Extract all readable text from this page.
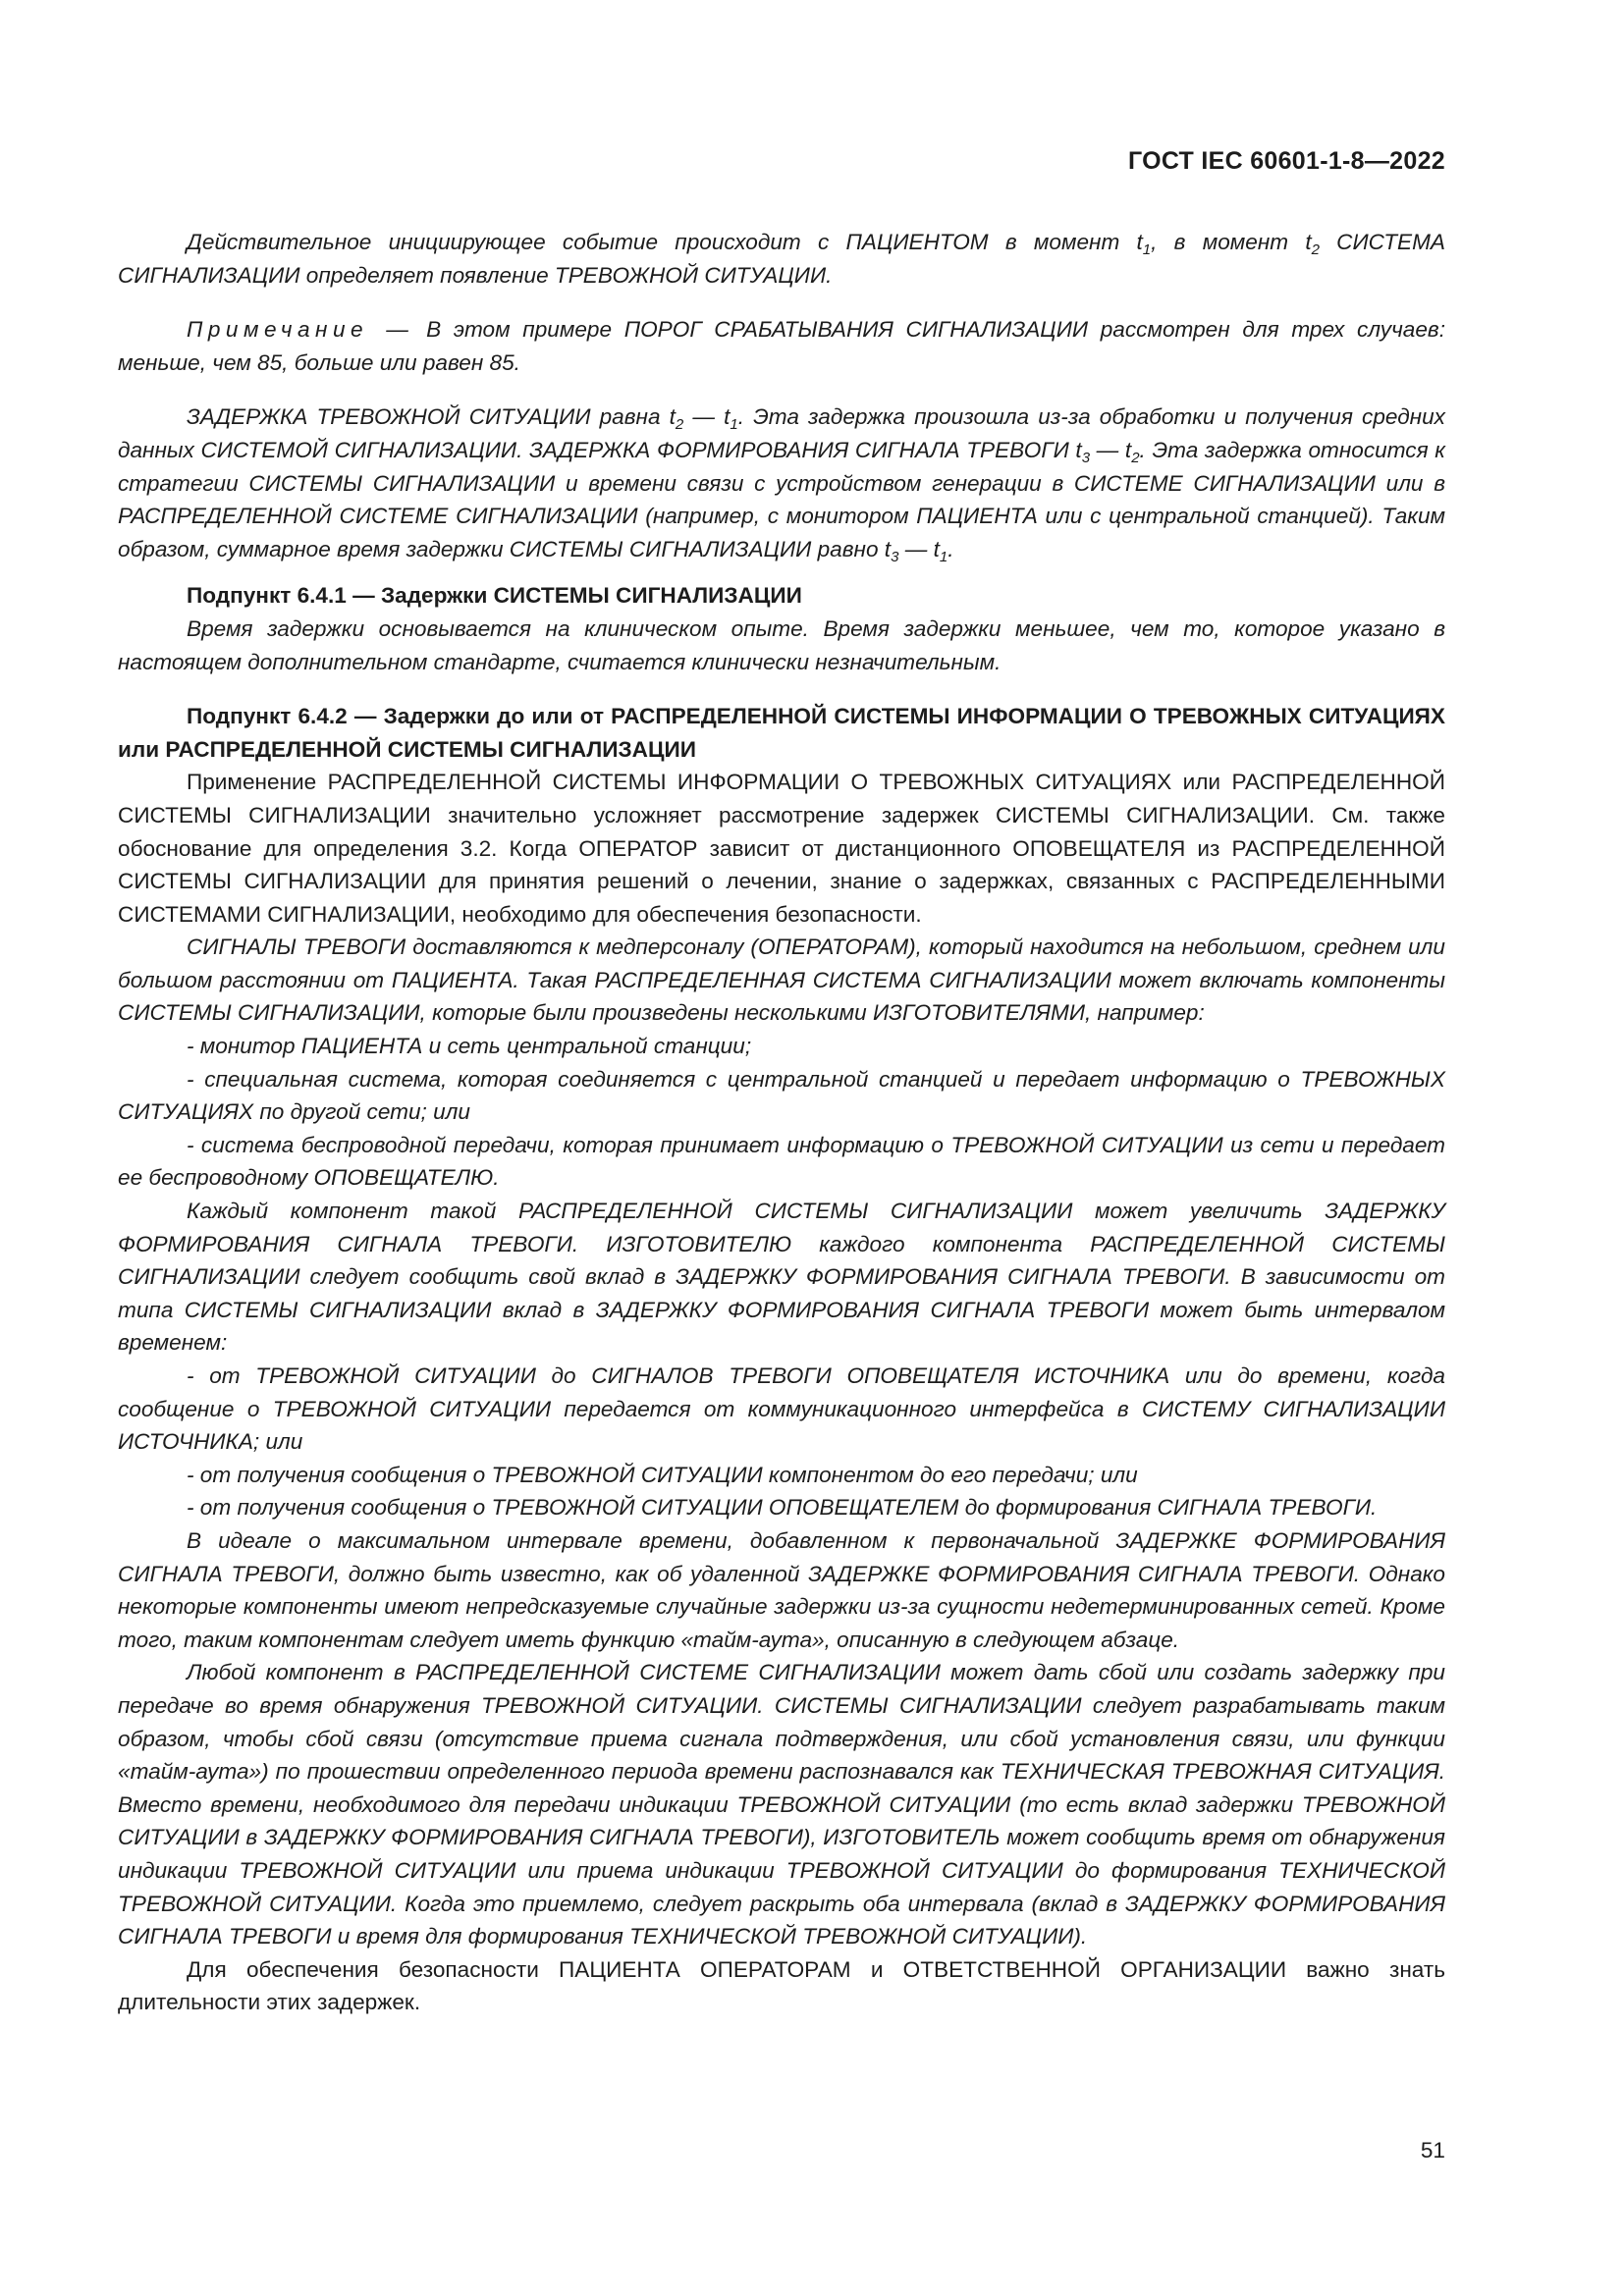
ГОСТ IEC 60601-1-8—2022

Действительное инициирующее событие происходит с ПАЦИЕНТОМ в момент $t_1$, в момент $t_2$ СИСТЕМА СИГНАЛИЗАЦИИ определяет появление ТРЕВОЖНОЙ СИТУАЦИИ.

Примечание — В этом примере ПОРОГ СРАБАТЫВАНИЯ СИГНАЛИЗАЦИИ рассмотрен для трех случаев: меньше, чем 85, больше или равен 85.

ЗАДЕРЖКА ТРЕВОЖНОЙ СИТУАЦИИ равна $t_2$ — $t_1$. Эта задержка произошла из-за обработки и получения средних данных СИСТЕМОЙ СИГНАЛИЗАЦИИ. ЗАДЕРЖКА ФОРМИРОВАНИЯ СИГНАЛА ТРЕВОГИ $t_3$ — $t_2$. Эта задержка относится к стратегии СИСТЕМЫ СИГНАЛИЗАЦИИ и времени связи с устройством генерации в СИСТЕМЕ СИГНАЛИЗАЦИИ или в РАСПРЕДЕЛЕННОЙ СИСТЕМЕ СИГНАЛИЗАЦИИ (например, с монитором ПАЦИЕНТА или с центральной станцией). Таким образом, суммарное время задержки СИСТЕМЫ СИГНАЛИЗАЦИИ равно $t_3$ — $t_1$.

Подпункт 6.4.1 — Задержки СИСТЕМЫ СИГНАЛИЗАЦИИ

Время задержки основывается на клиническом опыте. Время задержки меньшее, чем то, которое указано в настоящем дополнительном стандарте, считается клинически незначительным.

Подпункт 6.4.2 — Задержки до или от РАСПРЕДЕЛЕННОЙ СИСТЕМЫ ИНФОРМАЦИИ О ТРЕВОЖНЫХ СИТУАЦИЯХ или РАСПРЕДЕЛЕННОЙ СИСТЕМЫ СИГНАЛИЗАЦИИ

Применение РАСПРЕДЕЛЕННОЙ СИСТЕМЫ ИНФОРМАЦИИ О ТРЕВОЖНЫХ СИТУАЦИЯХ или РАСПРЕДЕЛЕННОЙ СИСТЕМЫ СИГНАЛИЗАЦИИ значительно усложняет рассмотрение задержек СИСТЕМЫ СИГНАЛИЗАЦИИ. См. также обоснование для определения 3.2. Когда ОПЕРАТОР зависит от дистанционного ОПОВЕЩАТЕЛЯ из РАСПРЕДЕЛЕННОЙ СИСТЕМЫ СИГНАЛИЗАЦИИ для принятия решений о лечении, знание о задержках, связанных с РАСПРЕДЕЛЕННЫМИ СИСТЕМАМИ СИГНАЛИЗАЦИИ, необходимо для обеспечения безопасности.

СИГНАЛЫ ТРЕВОГИ доставляются к медперсоналу (ОПЕРАТОРАМ), который находится на небольшом, среднем или большом расстоянии от ПАЦИЕНТА. Такая РАСПРЕДЕЛЕННАЯ СИСТЕМА СИГНАЛИЗАЦИИ может включать компоненты СИСТЕМЫ СИГНАЛИЗАЦИИ, которые были произведены несколькими ИЗГОТОВИТЕЛЯМИ, например:

- монитор ПАЦИЕНТА и сеть центральной станции;

- специальная система, которая соединяется с центральной станцией и передает информацию о ТРЕВОЖНЫХ СИТУАЦИЯХ по другой сети; или

- система беспроводной передачи, которая принимает информацию о ТРЕВОЖНОЙ СИТУАЦИИ из сети и передает ее беспроводному ОПОВЕЩАТЕЛЮ.

Каждый компонент такой РАСПРЕДЕЛЕННОЙ СИСТЕМЫ СИГНАЛИЗАЦИИ может увеличить ЗАДЕРЖКУ ФОРМИРОВАНИЯ СИГНАЛА ТРЕВОГИ. ИЗГОТОВИТЕЛЮ каждого компонента РАСПРЕДЕЛЕННОЙ СИСТЕМЫ СИГНАЛИЗАЦИИ следует сообщить свой вклад в ЗАДЕРЖКУ ФОРМИРОВАНИЯ СИГНАЛА ТРЕВОГИ. В зависимости от типа СИСТЕМЫ СИГНАЛИЗАЦИИ вклад в ЗАДЕРЖКУ ФОРМИРОВАНИЯ СИГНАЛА ТРЕВОГИ может быть интервалом временем:

- от ТРЕВОЖНОЙ СИТУАЦИИ до СИГНАЛОВ ТРЕВОГИ ОПОВЕЩАТЕЛЯ ИСТОЧНИКА или до времени, когда сообщение о ТРЕВОЖНОЙ СИТУАЦИИ передается от коммуникационного интерфейса в СИСТЕМУ СИГНАЛИЗАЦИИ ИСТОЧНИКА; или

- от получения сообщения о ТРЕВОЖНОЙ СИТУАЦИИ компонентом до его передачи; или

- от получения сообщения о ТРЕВОЖНОЙ СИТУАЦИИ ОПОВЕЩАТЕЛЕМ до формирования СИГНАЛА ТРЕВОГИ.

В идеале о максимальном интервале времени, добавленном к первоначальной ЗАДЕРЖКЕ ФОРМИРОВАНИЯ СИГНАЛА ТРЕВОГИ, должно быть известно, как об удаленной ЗАДЕРЖКЕ ФОРМИРОВАНИЯ СИГНАЛА ТРЕВОГИ. Однако некоторые компоненты имеют непредсказуемые случайные задержки из-за сущности недетерминированных сетей. Кроме того, таким компонентам следует иметь функцию «тайм-аута», описанную в следующем абзаце.

Любой компонент в РАСПРЕДЕЛЕННОЙ СИСТЕМЕ СИГНАЛИЗАЦИИ может дать сбой или создать задержку при передаче во время обнаружения ТРЕВОЖНОЙ СИТУАЦИИ. СИСТЕМЫ СИГНАЛИЗАЦИИ следует разрабатывать таким образом, чтобы сбой связи (отсутствие приема сигнала подтверждения, или сбой установления связи, или функции «тайм-аута») по прошествии определенного периода времени распознавался как ТЕХНИЧЕСКАЯ ТРЕВОЖНАЯ СИТУАЦИЯ. Вместо времени, необходимого для передачи индикации ТРЕВОЖНОЙ СИТУАЦИИ (то есть вклад задержки ТРЕВОЖНОЙ СИТУАЦИИ в ЗАДЕРЖКУ ФОРМИРОВАНИЯ СИГНАЛА ТРЕВОГИ), ИЗГОТОВИТЕЛЬ может сообщить время от обнаружения индикации ТРЕВОЖНОЙ СИТУАЦИИ или приема индикации ТРЕВОЖНОЙ СИТУАЦИИ до формирования ТЕХНИЧЕСКОЙ ТРЕВОЖНОЙ СИТУАЦИИ. Когда это приемлемо, следует раскрыть оба интервала (вклад в ЗАДЕРЖКУ ФОРМИРОВАНИЯ СИГНАЛА ТРЕВОГИ и время для формирования ТЕХНИЧЕСКОЙ ТРЕВОЖНОЙ СИТУАЦИИ).

Для обеспечения безопасности ПАЦИЕНТА ОПЕРАТОРАМ и ОТВЕТСТВЕННОЙ ОРГАНИЗАЦИИ важно знать длительности этих задержек.

51
